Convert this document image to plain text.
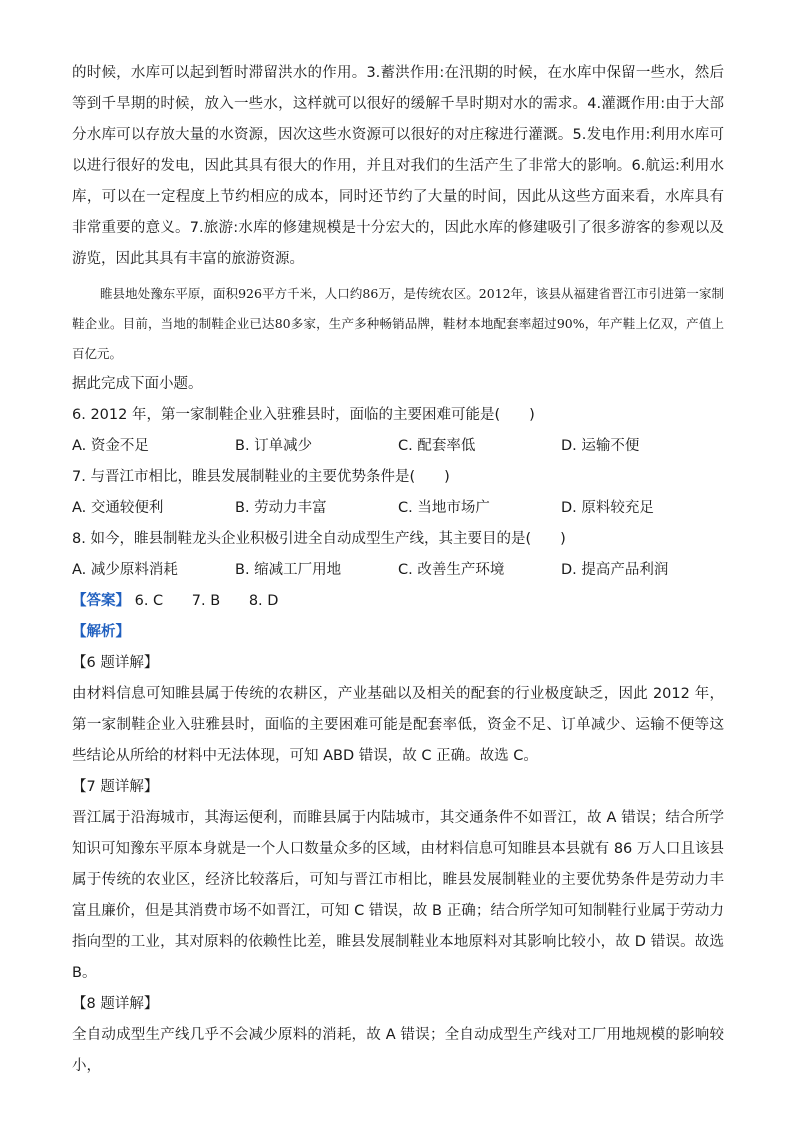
的时候，水库可以起到暂时滞留洪水的作用。3.蓄洪作用:在汛期的时候，在水库中保留一些水，然后等到千旱期的时候，放入一些水，这样就可以很好的缓解千旱时期对水的需求。4.灌溉作用:由于大部分水库可以存放大量的水资源，因次这些水资源可以很好的对庄稼进行灌溉。5.发电作用:利用水库可以进行很好的发电，因此其具有很大的作用，并且对我们的生活产生了非常大的影响。6.航运:利用水库，可以在一定程度上节约相应的成本，同时还节约了大量的时间，因此从这些方面来看，水库具有非常重要的意义。7.旅游:水库的修建规模是十分宏大的，因此水库的修建吸引了很多游客的参观以及游览，因此其具有丰富的旅游资源。

睢县地处豫东平原，面积926平方千米，人口约86万，是传统农区。2012年，该县从福建省晋江市引进第一家制鞋企业。目前，当地的制鞋企业已达80多家，生产多种畅销品牌，鞋材本地配套率超过90%，年产鞋上亿双，产值上百亿元。

据此完成下面小题。

6. 2012 年，第一家制鞋企业入驻雅县时，面临的主要困难可能是(　　)

A. 资金不足	B. 订单减少	C. 配套率低	D. 运输不便

7. 与晋江市相比，睢县发展制鞋业的主要优势条件是(　　)

A. 交通较便利	B. 劳动力丰富	C. 当地市场广	D. 原料较充足

8. 如今，睢县制鞋龙头企业积极引进全自动成型生产线，其主要目的是(　　)

A. 减少原料消耗	B. 缩减工厂用地	C. 改善生产环境	D. 提高产品利润

【答案】 6. C 7. B 8. D

【解析】

【6 题详解】

由材料信息可知睢县属于传统的农耕区，产业基础以及相关的配套的行业极度缺乏，因此 2012 年，第一家制鞋企业入驻雅县时，面临的主要困难可能是配套率低，资金不足、订单减少、运输不便等这些结论从所给的材料中无法体现，可知 ABD 错误，故 C 正确。故选 C。

【7 题详解】

晋江属于沿海城市，其海运便利，而睢县属于内陆城市，其交通条件不如晋江，故 A 错误；结合所学知识可知豫东平原本身就是一个人口数量众多的区域，由材料信息可知睢县本县就有 86 万人口且该县属于传统的农业区，经济比较落后，可知与晋江市相比，睢县发展制鞋业的主要优势条件是劳动力丰富且廉价，但是其消费市场不如晋江，可知 C 错误，故 B 正确；结合所学知可知制鞋行业属于劳动力指向型的工业，其对原料的依赖性比差，睢县发展制鞋业本地原料对其影响比较小，故 D 错误。故选 B。

【8 题详解】

全自动成型生产线几乎不会减少原料的消耗，故 A 错误；全自动成型生产线对工厂用地规模的影响较小，
